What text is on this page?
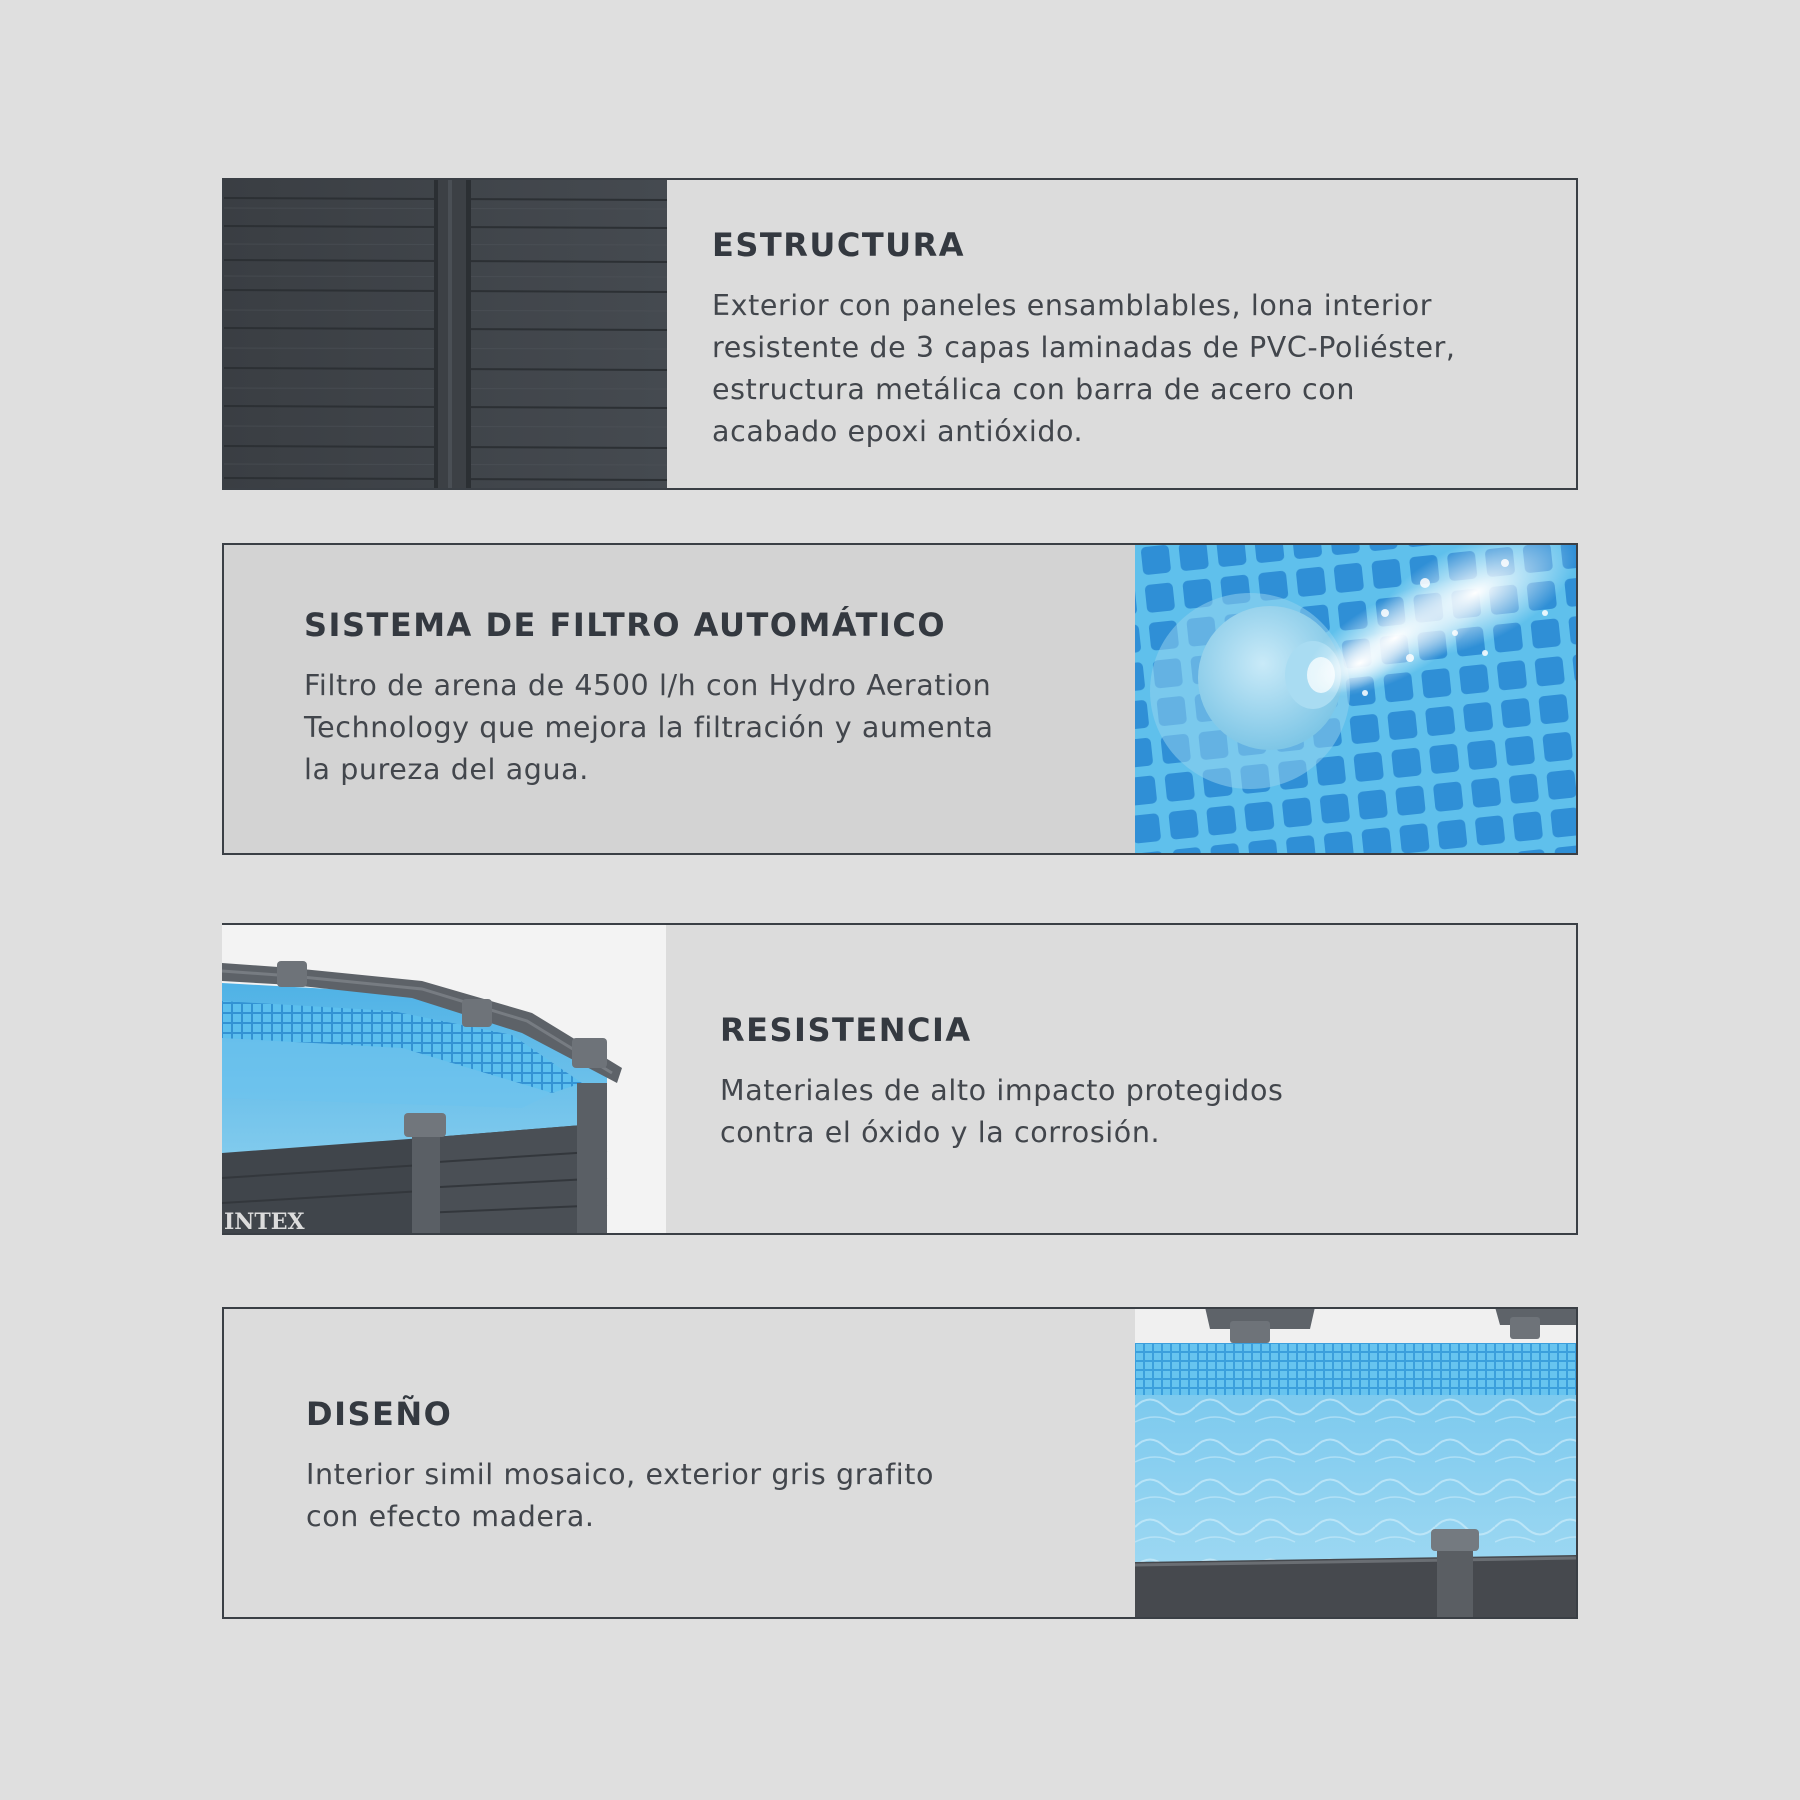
ESTRUCTURA

Exterior con paneles ensamblables, lona interior
resistente de 3 capas laminadas de PVC-Poliéster,
estructura metálica con barra de acero con
acabado epoxi antióxido.

SISTEMA DE FILTRO AUTOMÁTICO

Filtro de arena de 4500 l/h con Hydro Aeration
Technology que mejora la filtración y aumenta
la pureza del agua.

INTEX
RESISTENCIA

Materiales de alto impacto protegidos
contra el óxido y la corrosión.

DISEÑO

Interior simil mosaico, exterior gris grafito
con efecto madera.
